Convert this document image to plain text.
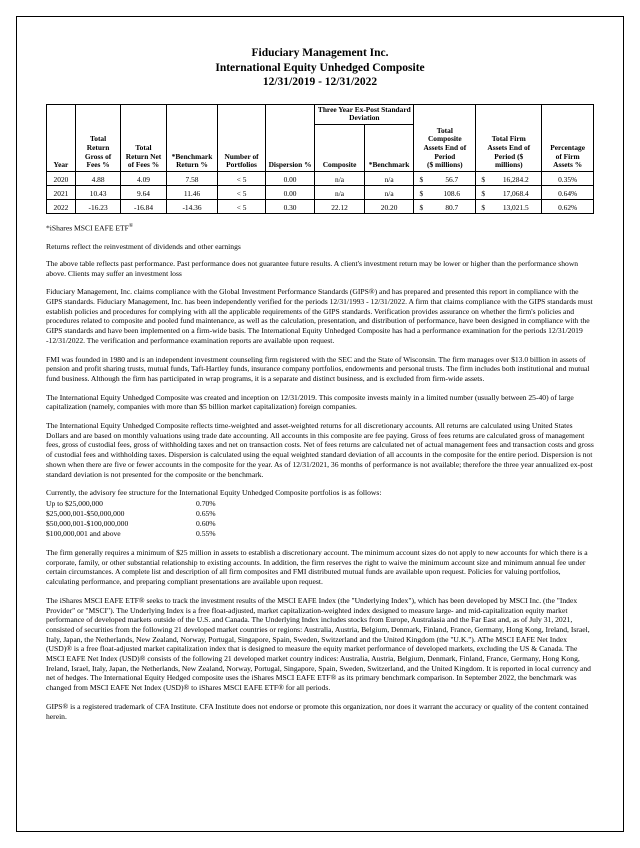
Fiduciary Management Inc.
International Equity Unhedged Composite
12/31/2019 - 12/31/2022
						Three Year Ex-Post Standard
Deviation						
Year	Total
Return
Gross of
Fees %	Total
Return Net
of Fees %	*Benchmark
Return %	Number of
Portfolios	Dispersion %	Composite	*Benchmark	Total
Composite
Assets End of
Period
($ millions)		Total Firm
Assets End of
Period ($
millions)		Percentage
of Firm
Assets %
2020	4.88	4.09	7.58	< 5	0.00	n/a	n/a	$	56.7	$	16,284.2	0.35%
2021	10.43	9.64	11.46	< 5	0.00	n/a	n/a	$	108.6	$	17,068.4	0.64%
2022	-16.23	-16.84	-14.36	< 5	0.30	22.12	20.20	$	80.7	$	13,021.5	0.62%
*iShares MSCI EAFE ETF®

Returns reflect the reinvestment of dividends and other earnings

The above table reflects past performance. Past performance does not guarantee future results. A client's investment return may be lower or higher than the performance shown above. Clients may suffer an investment loss

Fiduciary Management, Inc. claims compliance with the Global Investment Performance Standards (GIPS®) and has prepared and presented this report in compliance with the GIPS standards. Fiduciary Management, Inc. has been independently verified for the periods 12/31/1993 - 12/31/2022. A firm that claims compliance with the GIPS standards must establish policies and procedures for complying with all the applicable requirements of the GIPS standards. Verification provides assurance on whether the firm's policies and procedures related to composite and pooled fund maintenance, as well as the calculation, presentation, and distribution of performance, have been designed in compliance with the GIPS standards and have been implemented on a firm-wide basis. The International Equity Unhedged Composite has had a performance examination for the periods 12/31/2019 -12/31/2022. The verification and performance examination reports are available upon request.

FMI was founded in 1980 and is an independent investment counseling firm registered with the SEC and the State of Wisconsin. The firm manages over $13.0 billion in assets of pension and profit sharing trusts, mutual funds, Taft-Hartley funds, insurance company portfolios, endowments and personal trusts. The firm includes both institutional and mutual fund business. Although the firm has participated in wrap programs, it is a separate and distinct business, and is excluded from firm-wide assets.

The International Equity Unhedged Composite was created and inception on 12/31/2019. This composite invests mainly in a limited number (usually between 25-40) of large capitalization (namely, companies with more than $5 billion market capitalization) foreign companies.

The International Equity Unhedged Composite reflects time-weighted and asset-weighted returns for all discretionary accounts. All returns are calculated using United States Dollars and are based on monthly valuations using trade date accounting. All accounts in this composite are fee paying. Gross of fees returns are calculated gross of management fees, gross of custodial fees, gross of withholding taxes and net on transaction costs. Net of fees returns are calculated net of actual management fees and transaction costs and gross of custodial fees and withholding taxes. Dispersion is calculated using the equal weighted standard deviation of all accounts in the composite for the entire period. Dispersion is not shown when there are five or fewer accounts in the composite for the year. As of 12/31/2021, 36 months of performance is not available; therefore the three year annualized ex-post standard deviation is not presented for the composite or the benchmark.

Currently, the advisory fee structure for the International Equity Unhedged Composite portfolios is as follows:

Up to $25,000,000	0.70%
$25,000,001-$50,000,000	0.65%
$50,000,001-$100,000,000	0.60%
$100,000,001 and above	0.55%

The firm generally requires a minimum of $25 million in assets to establish a discretionary account. The minimum account sizes do not apply to new accounts for which there is a corporate, family, or other substantial relationship to existing accounts. In addition, the firm reserves the right to waive the minimum account size and minimum annual fee under certain circumstances. A complete list and description of all firm composites and FMI distributed mutual funds are available upon request. Policies for valuing portfolios, calculating performance, and preparing compliant presentations are available upon request.

The iShares MSCI EAFE ETF® seeks to track the investment results of the MSCI EAFE Index (the "Underlying Index"), which has been developed by MSCI Inc. (the "Index Provider" or "MSCI"). The Underlying Index is a free float-adjusted, market capitalization-weighted index designed to measure large- and mid-capitalization equity market performance of developed markets outside of the U.S. and Canada. The Underlying Index includes stocks from Europe, Australasia and the Far East and, as of July 31, 2021, consisted of securities from the following 21 developed market countries or regions: Australia, Austria, Belgium, Denmark, Finland, France, Germany, Hong Kong, Ireland, Israel, Italy, Japan, the Netherlands, New Zealand, Norway, Portugal, Singapore, Spain, Sweden, Switzerland and the United Kingdom (the "U.K."). AThe MSCI EAFE Net Index (USD)® is a free float-adjusted market capitalization index that is designed to measure the equity market performance of developed markets, excluding the US & Canada. The MSCI EAFE Net Index (USD)® consists of the following 21 developed market country indices: Australia, Austria, Belgium, Denmark, Finland, France, Germany, Hong Kong, Ireland, Israel, Italy, Japan, the Netherlands, New Zealand, Norway, Portugal, Singapore, Spain, Sweden, Switzerland, and the United Kingdom. It is reported in local currency and net of hedges. The International Equity Hedged composite uses the iShares MSCI EAFE ETF® as its primary benchmark comparison. In September 2022, the benchmark was changed from MSCI EAFE Net Index (USD)® to iShares MSCI EAFE ETF® for all periods.

GIPS® is a registered trademark of CFA Institute. CFA Institute does not endorse or promote this organization, nor does it warrant the accuracy or quality of the content contained herein.
